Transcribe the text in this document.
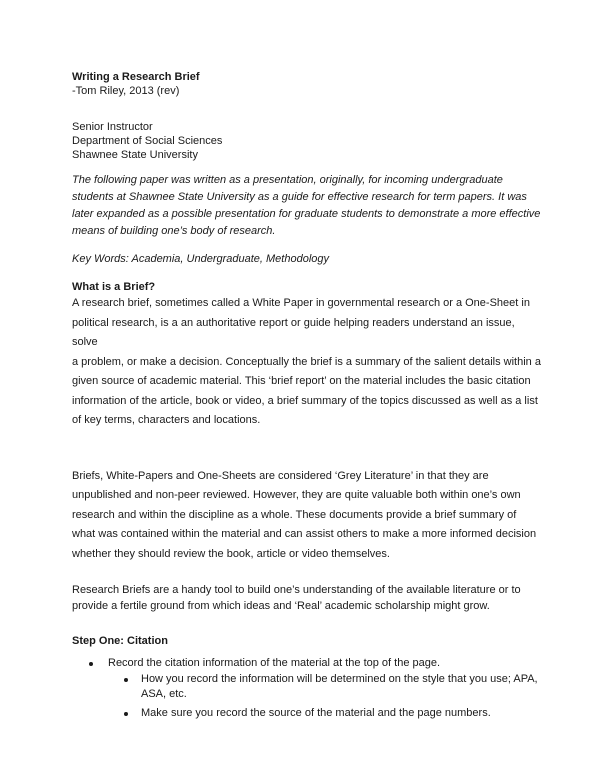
Writing a Research Brief

-Tom Riley, 2013 (rev)

Senior Instructor

Department of Social Sciences

Shawnee State University

The following paper was written as a presentation, originally, for incoming undergraduate
students at Shawnee State University as a guide for effective research for term papers. It was
later expanded as a possible presentation for graduate students to demonstrate a more effective
means of building one’s body of research.

Key Words: Academia, Undergraduate, Methodology

What is a Brief?

A research brief, sometimes called a White Paper in governmental research or a One-Sheet in
political research, is a an authoritative report or guide helping readers understand an issue, solve
a problem, or make a decision. Conceptually the brief is a summary of the salient details within a
given source of academic material. This ‘brief report’ on the material includes the basic citation
information of the article, book or video, a brief summary of the topics discussed as well as a list
of key terms, characters and locations.

Briefs, White-Papers and One-Sheets are considered ‘Grey Literature’ in that they are
unpublished and non-peer reviewed. However, they are quite valuable both within one’s own
research and within the discipline as a whole. These documents provide a brief summary of
what was contained within the material and can assist others to make a more informed decision
whether they should review the book, article or video themselves.

Research Briefs are a handy tool to build one’s understanding of the available literature or to
provide a fertile ground from which ideas and ‘Real’ academic scholarship might grow.

Step One: Citation
Record the citation information of the material at the top of the page.
How you record the information will be determined on the style that you use; APA,
ASA, etc.
Make sure you record the source of the material and the page numbers.
